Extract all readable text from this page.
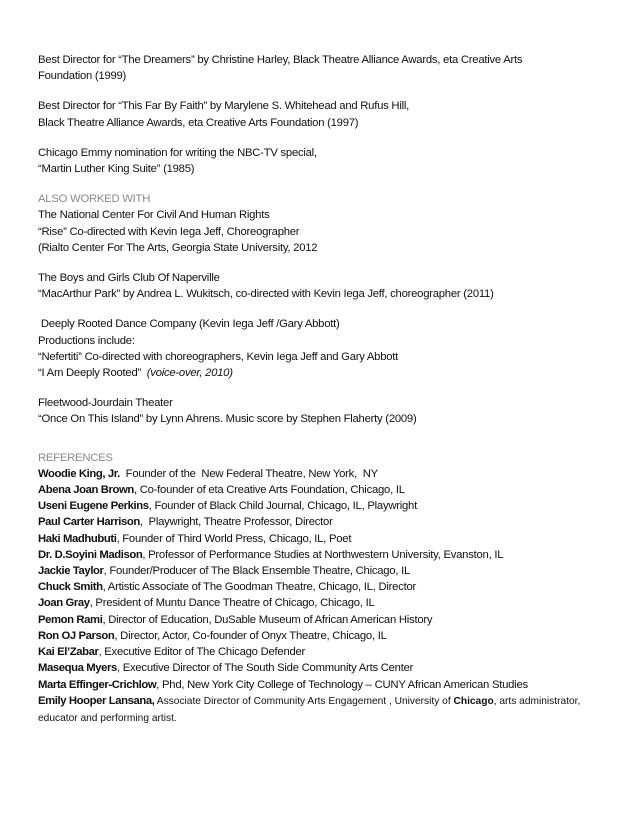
Best Director for “The Dreamers” by Christine Harley, Black Theatre Alliance Awards, eta Creative Arts
Foundation (1999)
Best Director for “This Far By Faith” by Marylene S. Whitehead and Rufus Hill,
Black Theatre Alliance Awards, eta Creative Arts Foundation (1997)
Chicago Emmy nomination for writing the NBC-TV special,
“Martin Luther King Suite” (1985)
ALSO WORKED WITH
The National Center For Civil And Human Rights
“Rise” Co-directed with Kevin Iega Jeff, Choreographer
(Rialto Center For The Arts, Georgia State University, 2012
The Boys and Girls Club Of Naperville
“MacArthur Park” by Andrea L. Wukitsch, co-directed with Kevin Iega Jeff, choreographer (2011)
Deeply Rooted Dance Company (Kevin Iega Jeff /Gary Abbott)
Productions include:
“Nefertiti” Co-directed with choreographers, Kevin Iega Jeff and Gary Abbott
“I Am Deeply Rooted”  (voice-over, 2010)
Fleetwood-Jourdain Theater
“Once On This Island” by Lynn Ahrens. Music score by Stephen Flaherty (2009)
REFERENCES
Woodie King, Jr.  Founder of the  New Federal Theatre, New York,  NY
Abena Joan Brown, Co-founder of eta Creative Arts Foundation, Chicago, IL
Useni Eugene Perkins, Founder of Black Child Journal, Chicago, IL, Playwright
Paul Carter Harrison,  Playwright, Theatre Professor, Director
Haki Madhubuti, Founder of Third World Press, Chicago, IL, Poet
Dr. D.Soyini Madison, Professor of Performance Studies at Northwestern University, Evanston, IL
Jackie Taylor, Founder/Producer of The Black Ensemble Theatre, Chicago, IL
Chuck Smith, Artistic Associate of The Goodman Theatre, Chicago, IL, Director
Joan Gray, President of Muntu Dance Theatre of Chicago, Chicago, IL
Pemon Rami, Director of Education, DuSable Museum of African American History
Ron OJ Parson, Director, Actor, Co-founder of Onyx Theatre, Chicago, IL
Kai El’Zabar, Executive Editor of The Chicago Defender
Masequa Myers, Executive Director of The South Side Community Arts Center
Marta Effinger-Crichlow, Phd, New York City College of Technology – CUNY African American Studies
Emily Hooper Lansana, Associate Director of Community Arts Engagement , University of Chicago, arts administrator, educator and performing artist.
